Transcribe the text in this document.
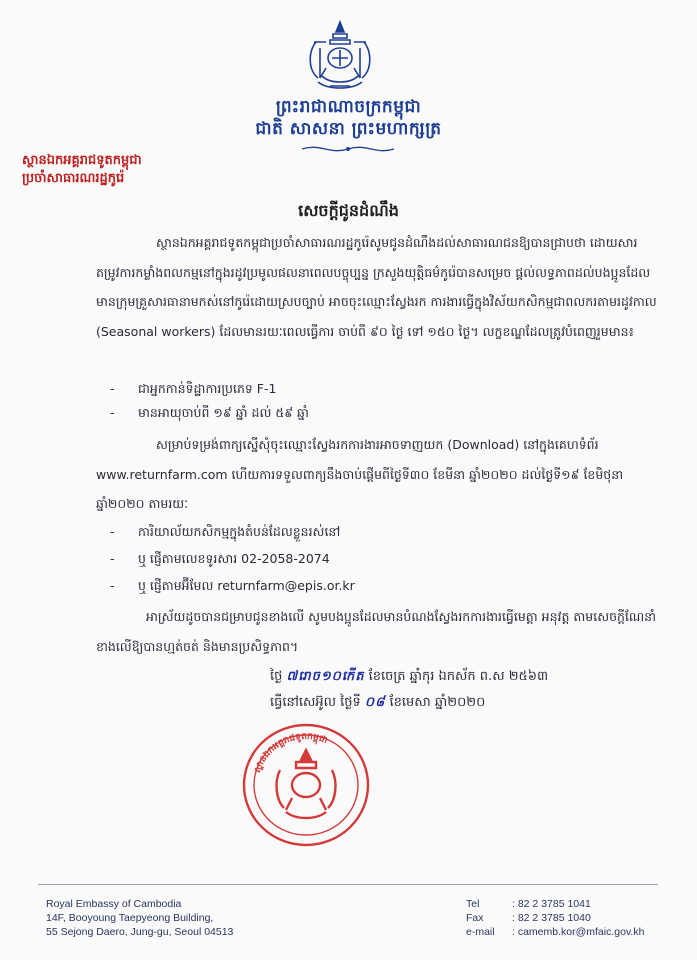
ព្រះរាជាណាចក្រកម្ពុជា
ជាតិ សាសនា ព្រះមហាក្សត្រ
ស្ថានឯកអគ្គរាជទូតកម្ពុជា
ប្រចាំសាធារណរដ្ឋកូរ៉េ
សេចក្តីជូនដំណឹង
ស្ថានឯកអគ្គរាជទូតកម្ពុជាប្រចាំសាធារណរដ្ឋកូរ៉េសូមជូនដំណឹងដល់សាធារណជនឱ្យបានជ្រាបថា ដោយសារតម្រូវការកម្លាំងពលកម្មនៅក្នុងរដូវប្រមូលផលនាពេលបច្ចុប្បន្ន ក្រសួងយុត្តិធម៌កូរ៉េបានសម្រេច ផ្តល់លទ្ធភាពដល់បងប្អូនដែលមានក្រុមគ្រួសារធានាមកស់នៅកូរ៉េដោយស្របច្បាប់ អាចចុះឈ្មោះស្វែងរក ការងារធ្វើក្នុងវិស័យកសិកម្មជាពលករតាមរដូវកាល (Seasonal workers) ដែលមានរយៈពេលធ្វើការ ចាប់ពី ៩០ ថ្ងៃ ទៅ ១៥០ ថ្ងៃ។ លក្ខខណ្ឌដែលត្រូវបំពេញរួមមាន៖
- ជាអ្នកកាន់ទិដ្ឋាការប្រភេទ F-1
- មានអាយុចាប់ពី ១៩ ឆ្នាំ ដល់ ៥៩ ឆ្នាំ
សម្រាប់ទម្រង់ពាក្យស្នើសុំចុះឈ្មោះស្វែងរកការងារអាចទាញយក (Download) នៅក្នុងគេហទំព័រ www.returnfarm.com ហើយការទទួលពាក្យនឹងចាប់ផ្តើមពីថ្ងៃទី៣០ ខែមីនា ឆ្នាំ២០២០ ដល់ថ្ងៃទី១៩ ខែមិថុនា ឆ្នាំ២០២០ តាមរយៈ
- ការិយាល័យកសិកម្មក្នុងតំបន់ដែលខ្លួនរស់នៅ
- ឬ ផ្ញើតាមលេខទូរសារ 02-2058-2074
- ឬ ផ្ញើតាមអ៊ីមែល returnfarm@epis.or.kr
អាស្រ័យដូចបានជម្រាបជូនខាងលើ សូមបងប្អូនដែលមានបំណងស្វែងរកការងារធ្វើមេត្តា អនុវត្ត តាមសេចក្តីណែនាំខាងលើឱ្យបានហ្មត់ចត់ និងមានប្រសិទ្ធភាព។
ថ្ងៃ ៧រោច១០កើត ខែចេត្រ ឆ្នាំកុរ ឯកស័ក ព.ស ២៥៦៣
ធ្វើនៅសេអ៊ូល ថ្ងៃទី ០៨ ខែមេសា ឆ្នាំ២០២០
ស្ថានឯកអគ្គរាជទូតកម្ពុជា
Royal Embassy of Cambodia
14F, Booyoung Taepyeong Building,
55 Sejong Daero, Jung-gu, Seoul 04513
Tel	: 82 2 3785 1041
Fax	: 82 2 3785 1040
e-mail : camemb.kor@mfaic.gov.kh
